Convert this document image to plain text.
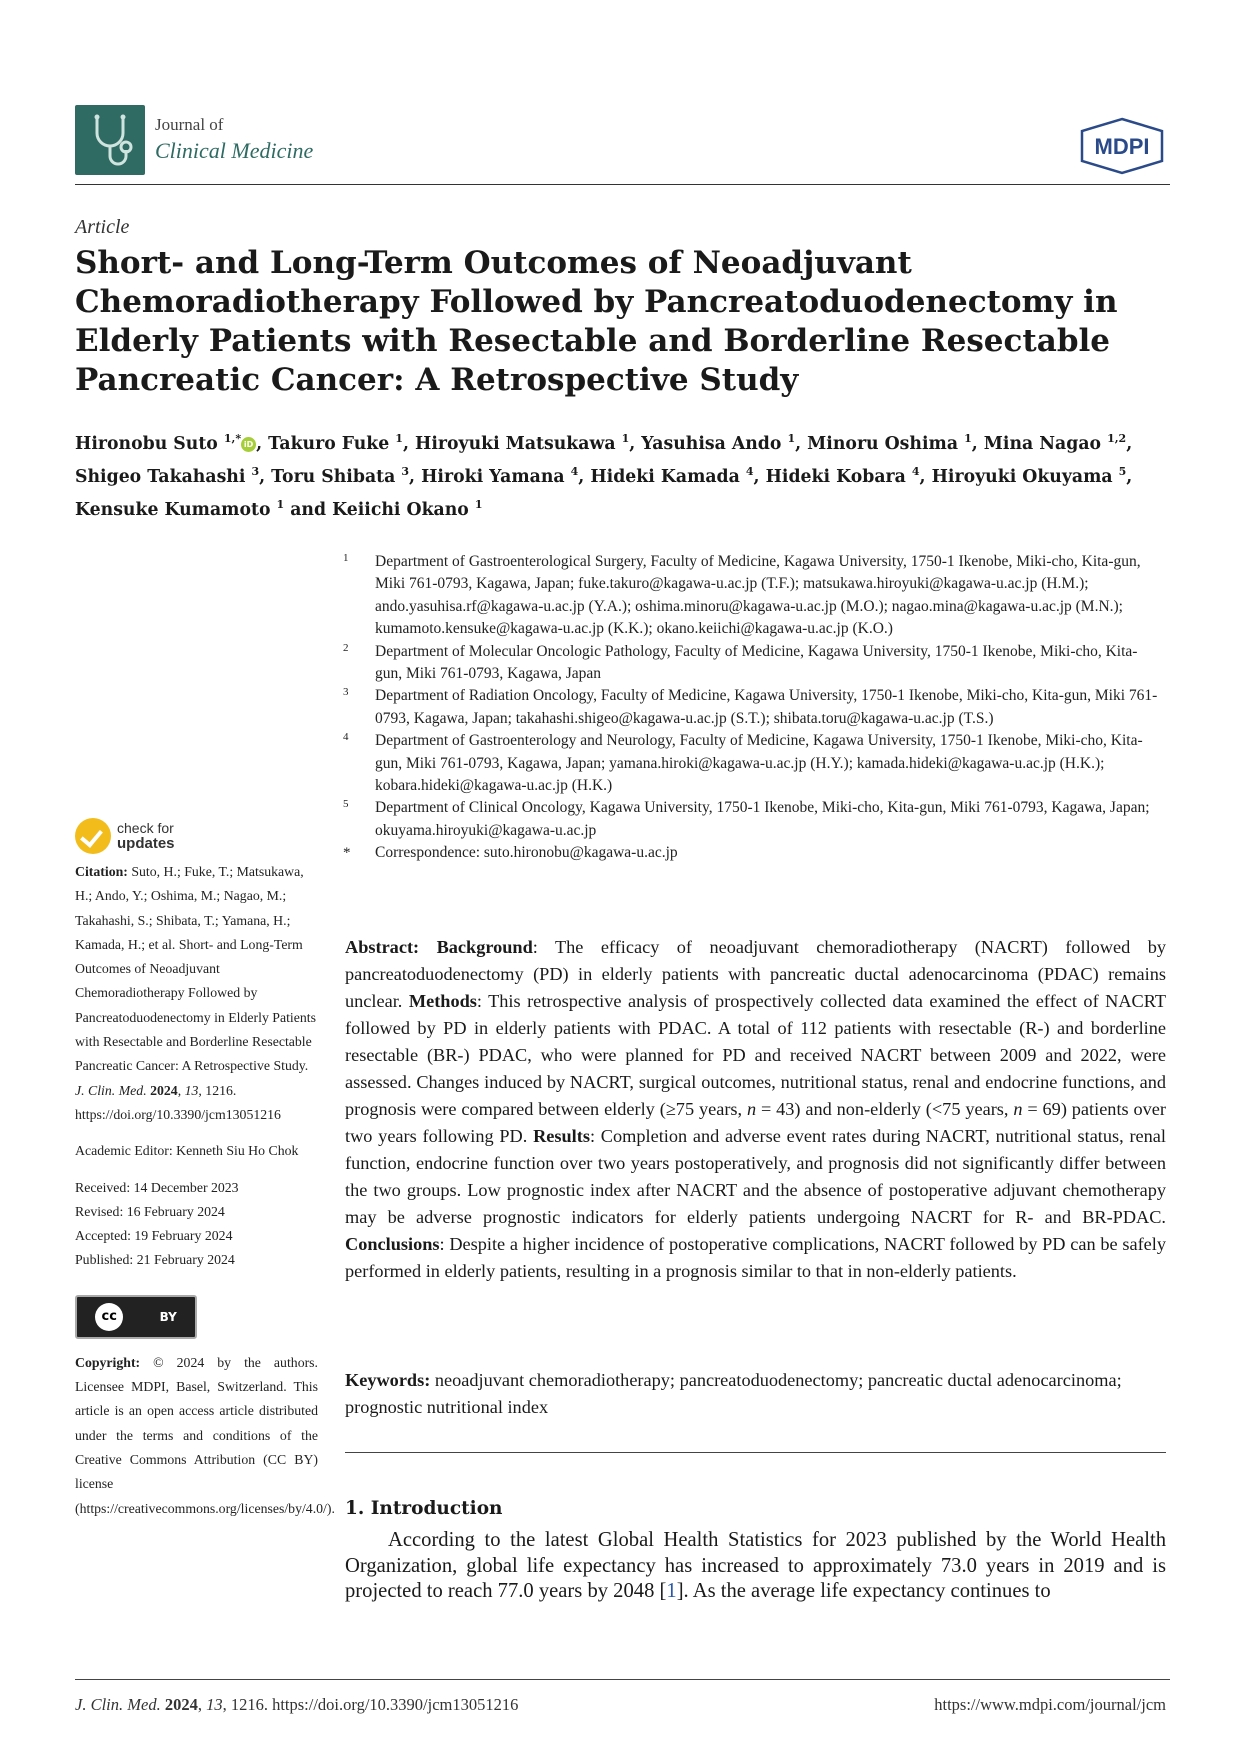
Journal of
Clinical Medicine	MDPI
Article
Short- and Long-Term Outcomes of Neoadjuvant Chemoradiotherapy Followed by Pancreatoduodenectomy in Elderly Patients with Resectable and Borderline Resectable Pancreatic Cancer: A Retrospective Study
Hironobu Suto $^{1,*}$ iD , Takuro Fuke $^1$, Hiroyuki Matsukawa $^1$, Yasuhisa Ando $^1$, Minoru Oshima $^1$, Mina Nagao $^{1,2}$, Shigeo Takahashi $^3$, Toru Shibata $^3$, Hiroki Yamana $^4$, Hideki Kamada $^4$, Hideki Kobara $^4$, Hiroyuki Okuyama $^5$, Kensuke Kumamoto $^1$ and Keiichi Okano $^1$
1 Department of Gastroenterological Surgery, Faculty of Medicine, Kagawa University, 1750-1 Ikenobe, Miki-cho, Kita-gun, Miki 761-0793, Kagawa, Japan; fuke.takuro@kagawa-u.ac.jp (T.F.); matsukawa.hiroyuki@kagawa-u.ac.jp (H.M.); ando.yasuhisa.rf@kagawa-u.ac.jp (Y.A.); oshima.minoru@kagawa-u.ac.jp (M.O.); nagao.mina@kagawa-u.ac.jp (M.N.); kumamoto.kensuke@kagawa-u.ac.jp (K.K.); okano.keiichi@kagawa-u.ac.jp (K.O.)
2 Department of Molecular Oncologic Pathology, Faculty of Medicine, Kagawa University, 1750-1 Ikenobe, Miki-cho, Kita-gun, Miki 761-0793, Kagawa, Japan
3 Department of Radiation Oncology, Faculty of Medicine, Kagawa University, 1750-1 Ikenobe, Miki-cho, Kita-gun, Miki 761-0793, Kagawa, Japan; takahashi.shigeo@kagawa-u.ac.jp (S.T.); shibata.toru@kagawa-u.ac.jp (T.S.)
4 Department of Gastroenterology and Neurology, Faculty of Medicine, Kagawa University, 1750-1 Ikenobe, Miki-cho, Kita-gun, Miki 761-0793, Kagawa, Japan; yamana.hiroki@kagawa-u.ac.jp (H.Y.); kamada.hideki@kagawa-u.ac.jp (H.K.); kobara.hideki@kagawa-u.ac.jp (H.K.)
5 Department of Clinical Oncology, Kagawa University, 1750-1 Ikenobe, Miki-cho, Kita-gun, Miki 761-0793, Kagawa, Japan; okuyama.hiroyuki@kagawa-u.ac.jp
* Correspondence: suto.hironobu@kagawa-u.ac.jp
check for
updates
Citation: Suto, H.; Fuke, T.; Matsukawa, H.; Ando, Y.; Oshima, M.; Nagao, M.; Takahashi, S.; Shibata, T.; Yamana, H.; Kamada, H.; et al. Short- and Long-Term Outcomes of Neoadjuvant Chemoradiotherapy Followed by Pancreatoduodenectomy in Elderly Patients with Resectable and Borderline Resectable Pancreatic Cancer: A Retrospective Study. J. Clin. Med. 2024, 13, 1216. https://doi.org/10.3390/jcm13051216
Academic Editor: Kenneth Siu Ho Chok
Received: 14 December 2023
Revised: 16 February 2024
Accepted: 19 February 2024
Published: 21 February 2024
cc	BY
Copyright: © 2024 by the authors. Licensee MDPI, Basel, Switzerland. This article is an open access article distributed under the terms and conditions of the Creative Commons Attribution (CC BY) license (https://creativecommons.org/licenses/by/4.0/).
Abstract: Background: The efficacy of neoadjuvant chemoradiotherapy (NACRT) followed by pancreatoduodenectomy (PD) in elderly patients with pancreatic ductal adenocarcinoma (PDAC) remains unclear. Methods: This retrospective analysis of prospectively collected data examined the effect of NACRT followed by PD in elderly patients with PDAC. A total of 112 patients with resectable (R-) and borderline resectable (BR-) PDAC, who were planned for PD and received NACRT between 2009 and 2022, were assessed. Changes induced by NACRT, surgical outcomes, nutritional status, renal and endocrine functions, and prognosis were compared between elderly (≥75 years, n = 43) and non-elderly (<75 years, n = 69) patients over two years following PD. Results: Completion and adverse event rates during NACRT, nutritional status, renal function, endocrine function over two years postoperatively, and prognosis did not significantly differ between the two groups. Low prognostic index after NACRT and the absence of postoperative adjuvant chemotherapy may be adverse prognostic indicators for elderly patients undergoing NACRT for R- and BR-PDAC. Conclusions: Despite a higher incidence of postoperative complications, NACRT followed by PD can be safely performed in elderly patients, resulting in a prognosis similar to that in non-elderly patients.
Keywords: neoadjuvant chemoradiotherapy; pancreatoduodenectomy; pancreatic ductal adenocarcinoma; prognostic nutritional index
1. Introduction
According to the latest Global Health Statistics for 2023 published by the World Health Organization, global life expectancy has increased to approximately 73.0 years in 2019 and is projected to reach 77.0 years by 2048 [1]. As the average life expectancy continues to
J. Clin. Med. 2024, 13, 1216. https://doi.org/10.3390/jcm13051216	https://www.mdpi.com/journal/jcm
